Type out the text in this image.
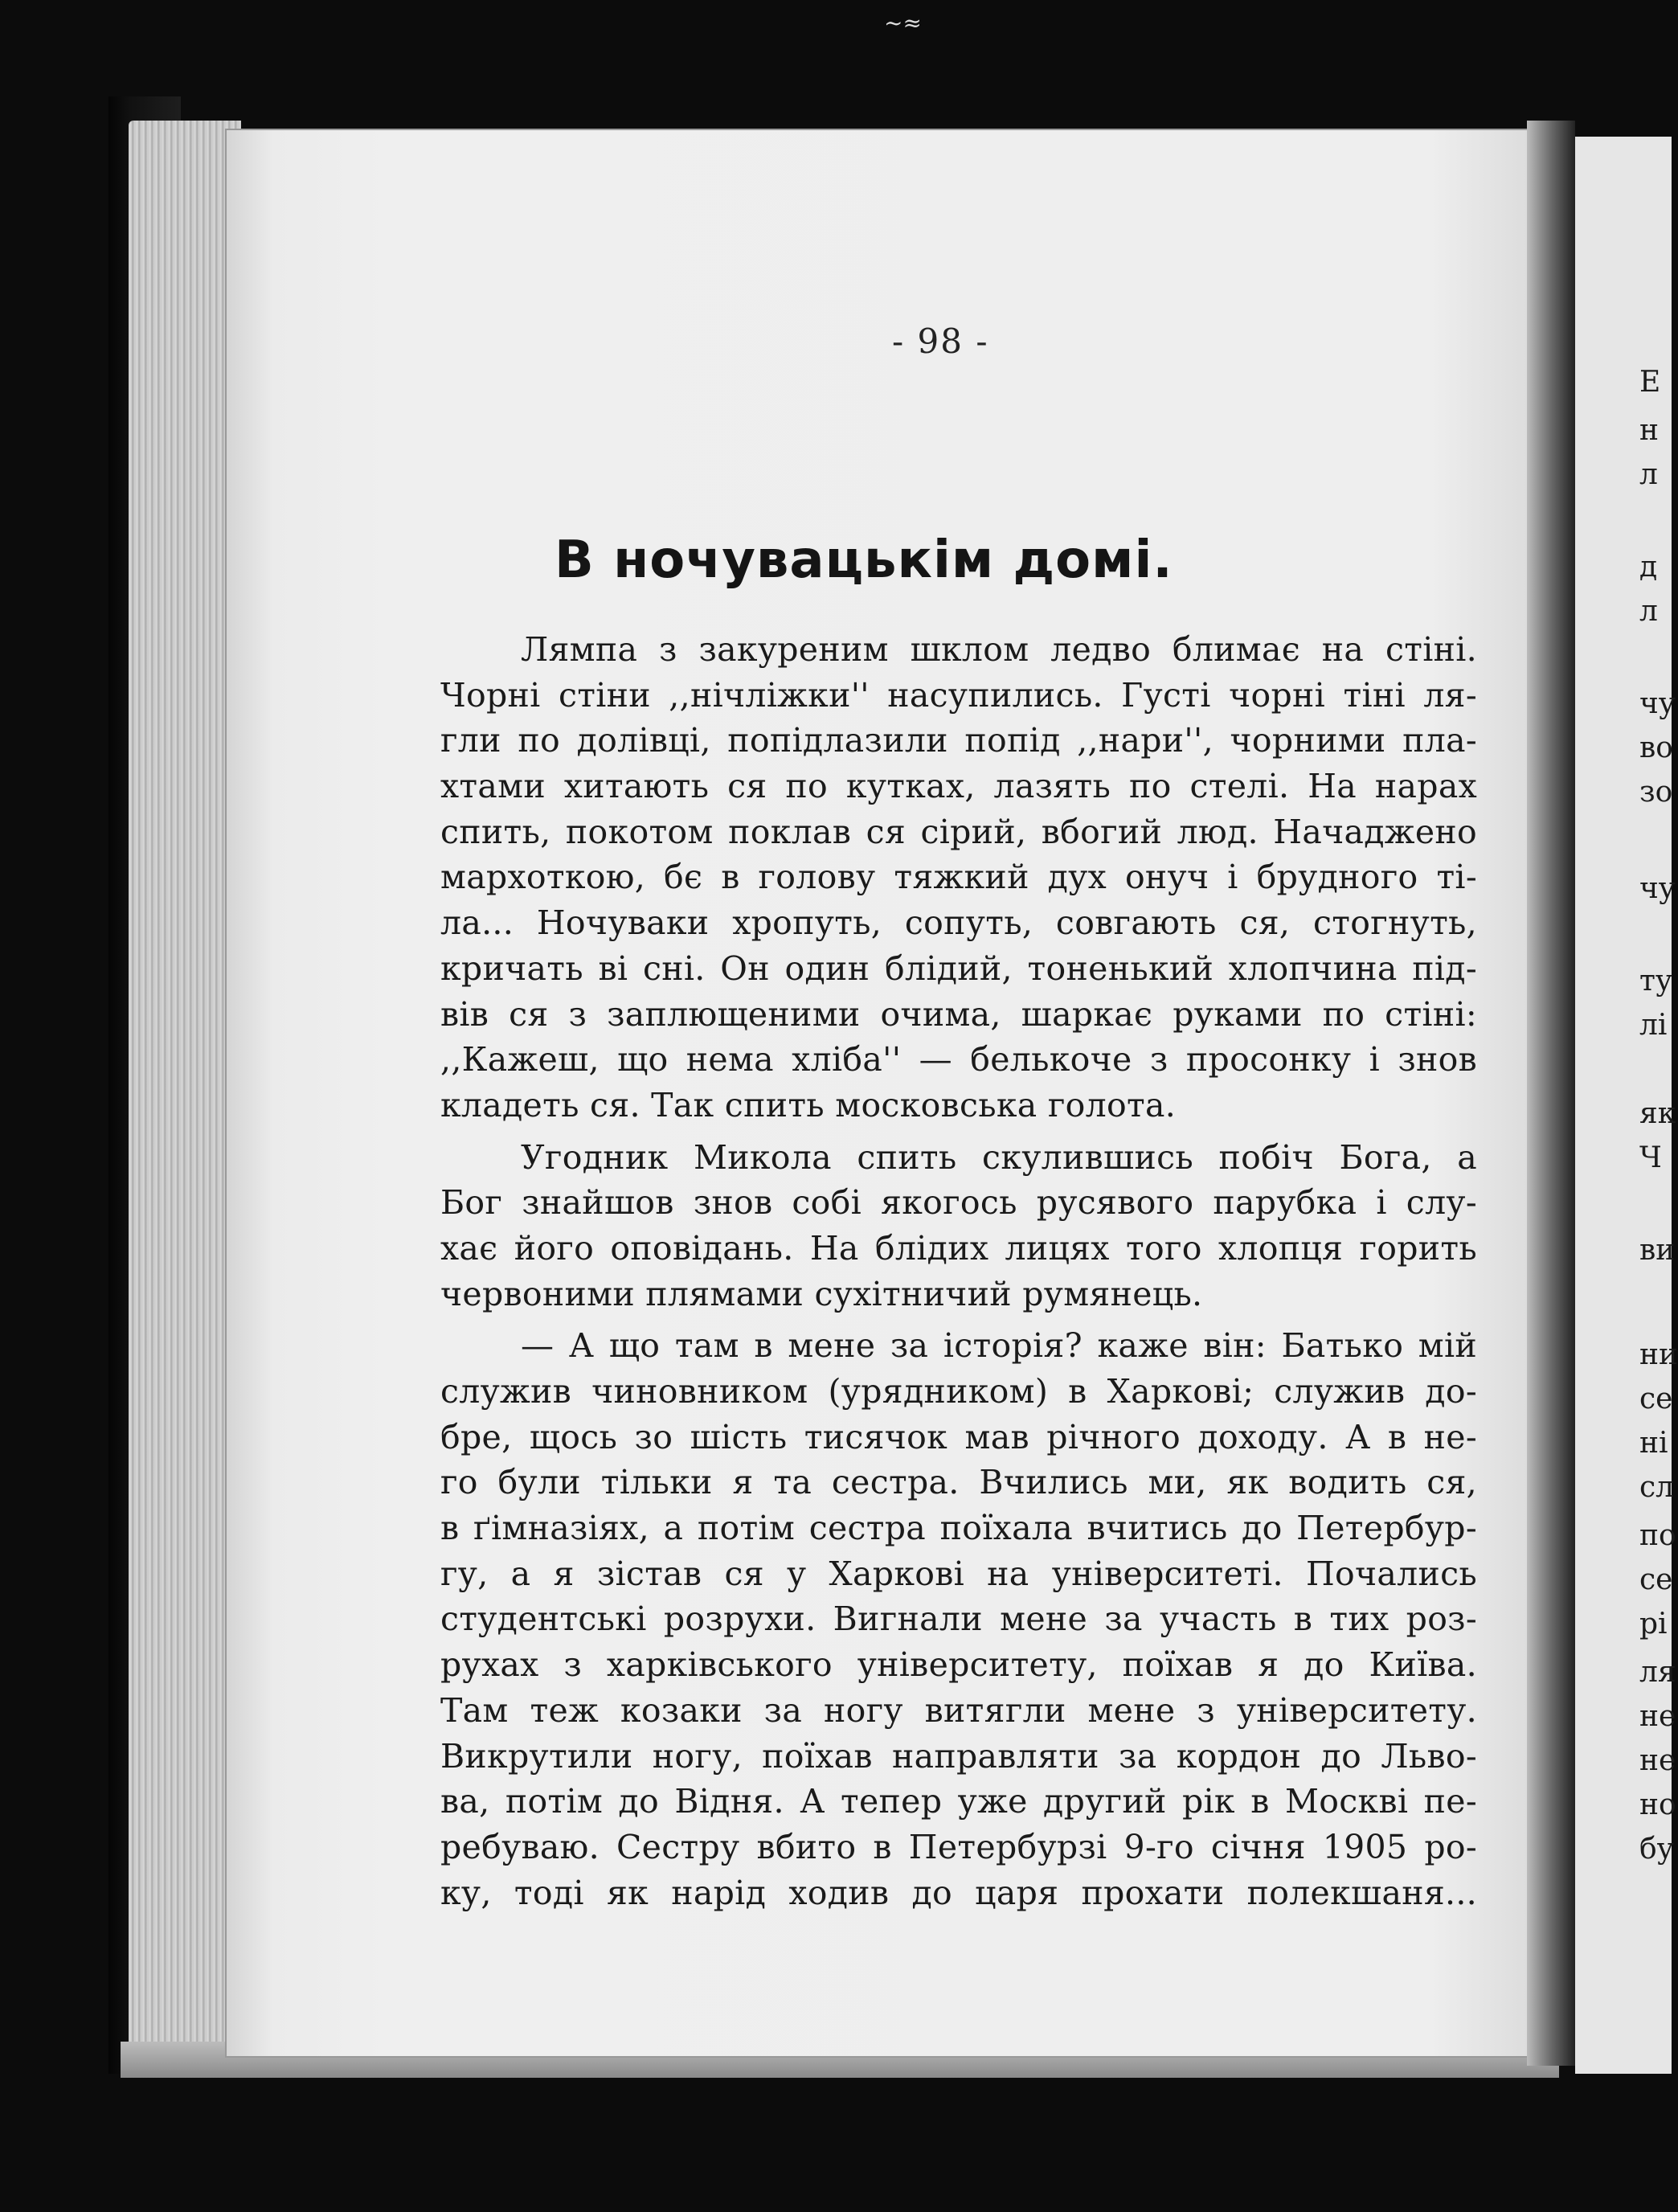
~≈
- 98 -
В ночувацькім домі.
Лямпа з закуреним шклом ледво блимає на стіні.
Чорні стіни ,,нічліжки'' насупились. Густі чорні тіні ля-
гли по долівці, попідлазили попід ,,нари'', чорними пла-
хтами хитають ся по кутках, лазять по стелі. На нарах
спить, покотом поклав ся сірий, вбогий люд. Начаджено
мархоткою, бє в голову тяжкий дух онуч і брудного ті-
ла... Ночуваки хропуть, сопуть, совгають ся, стогнуть,
кричать ві сні. Он один блідий, тоненький хлопчина під-
вів ся з заплющеними очима, шаркає руками по стіні:
,,Кажеш, що нема хліба'' — белькоче з просонку і знов
кладеть ся. Так спить московська голота.
Угодник Микола спить скулившись побіч Бога, а
Бог знайшов знов собі якогось русявого парубка і слу-
хає його оповідань. На блідих лицях того хлопця горить
червоними плямами сухітничий румянець.
— А що там в мене за історія? каже він: Батько мій
служив чиновником (урядником) в Харкові; служив до-
бре, щось зо шість тисячок мав річного доходу. А в не-
го були тільки я та сестра. Вчились ми, як водить ся,
в ґімназіях, а потім сестра поїхала вчитись до Петербур-
гу, а я зістав ся у Харкові на університеті. Почались
студентські розрухи. Вигнали мене за участь в тих роз-
рухах з харківського університету, поїхав я до Київа.
Там теж козаки за ногу витягли мене з університету.
Викрутили ногу, поїхав направляти за кордон до Льво-
ва, потім до Відня. А тепер уже другий рік в Москві пе-
ребуваю. Сестру вбито в Петербурзі 9-го січня 1905 ро-
ку, тоді як нарід ходив до царя прохати полекшаня...
Е
н
л
д
л
чу
во
зо
чу
ту
лі
як
Ч
ви
ни
се
ні
сл
по
се
рі
ля
не
не
но
бу
